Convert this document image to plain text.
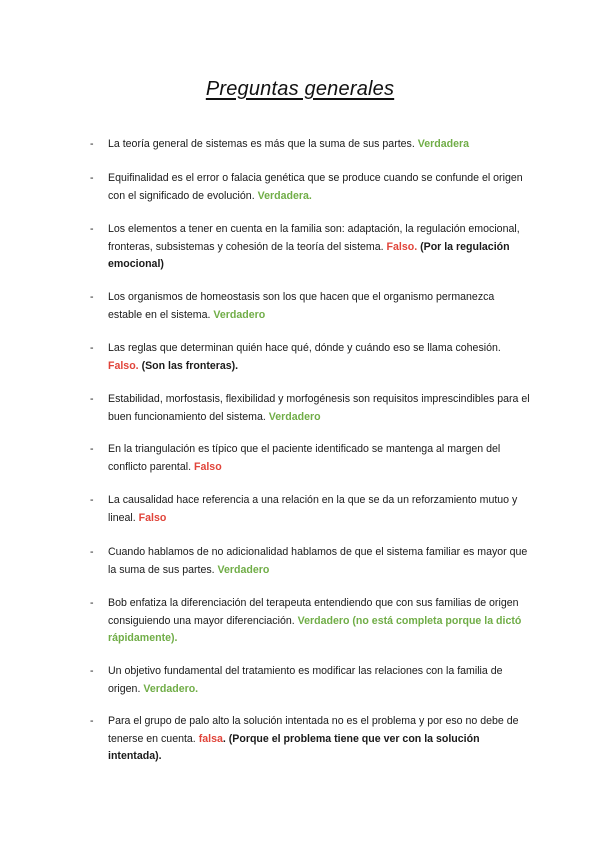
Preguntas generales
-	La teoría general de sistemas es más que la suma de sus partes. Verdadera
-	Equifinalidad es el error o falacia genética que se produce cuando se confunde el origen con el significado de evolución. Verdadera.
-	Los elementos a tener en cuenta en la familia son: adaptación, la regulación emocional, fronteras, subsistemas y cohesión de la teoría del sistema. Falso. (Por la regulación emocional)
-	Los organismos de homeostasis son los que hacen que el organismo permanezca estable en el sistema. Verdadero
-	Las reglas que determinan quién hace qué, dónde y cuándo eso se llama cohesión. Falso. (Son las fronteras).
-	Estabilidad, morfostasis, flexibilidad y morfogénesis son requisitos imprescindibles para el buen funcionamiento del sistema. Verdadero
-	En la triangulación es típico que el paciente identificado se mantenga al margen del conflicto parental. Falso
-	La causalidad hace referencia a una relación en la que se da un reforzamiento mutuo y lineal. Falso
-	Cuando hablamos de no adicionalidad hablamos de que el sistema familiar es mayor que la suma de sus partes. Verdadero
-	Bob enfatiza la diferenciación del terapeuta entendiendo que con sus familias de origen consiguiendo una mayor diferenciación. Verdadero (no está completa porque la dictó rápidamente).
-	Un objetivo fundamental del tratamiento es modificar las relaciones con la familia de origen. Verdadero.
-	Para el grupo de palo alto la solución intentada no es el problema y por eso no debe de tenerse en cuenta. falsa. (Porque el problema tiene que ver con la solución intentada).
